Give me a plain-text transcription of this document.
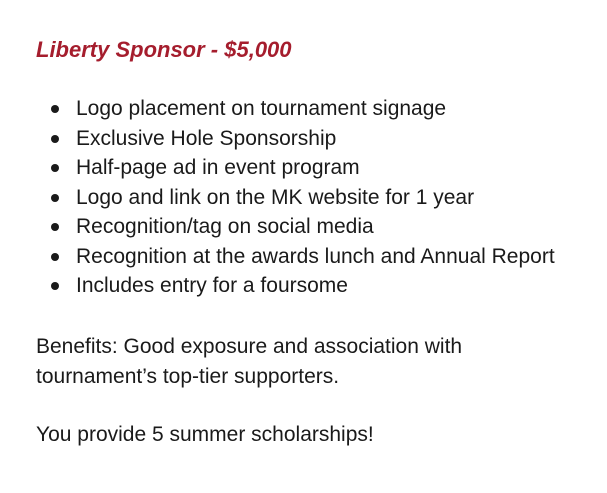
Liberty Sponsor - $5,000
Logo placement on tournament signage
Exclusive Hole Sponsorship
Half-page ad in event program
Logo and link on the MK website for 1 year
Recognition/tag on social media
Recognition at the awards lunch and Annual Report
Includes entry for a foursome

Benefits: Good exposure and association with tournament’s top-tier supporters.

You provide 5 summer scholarships!
